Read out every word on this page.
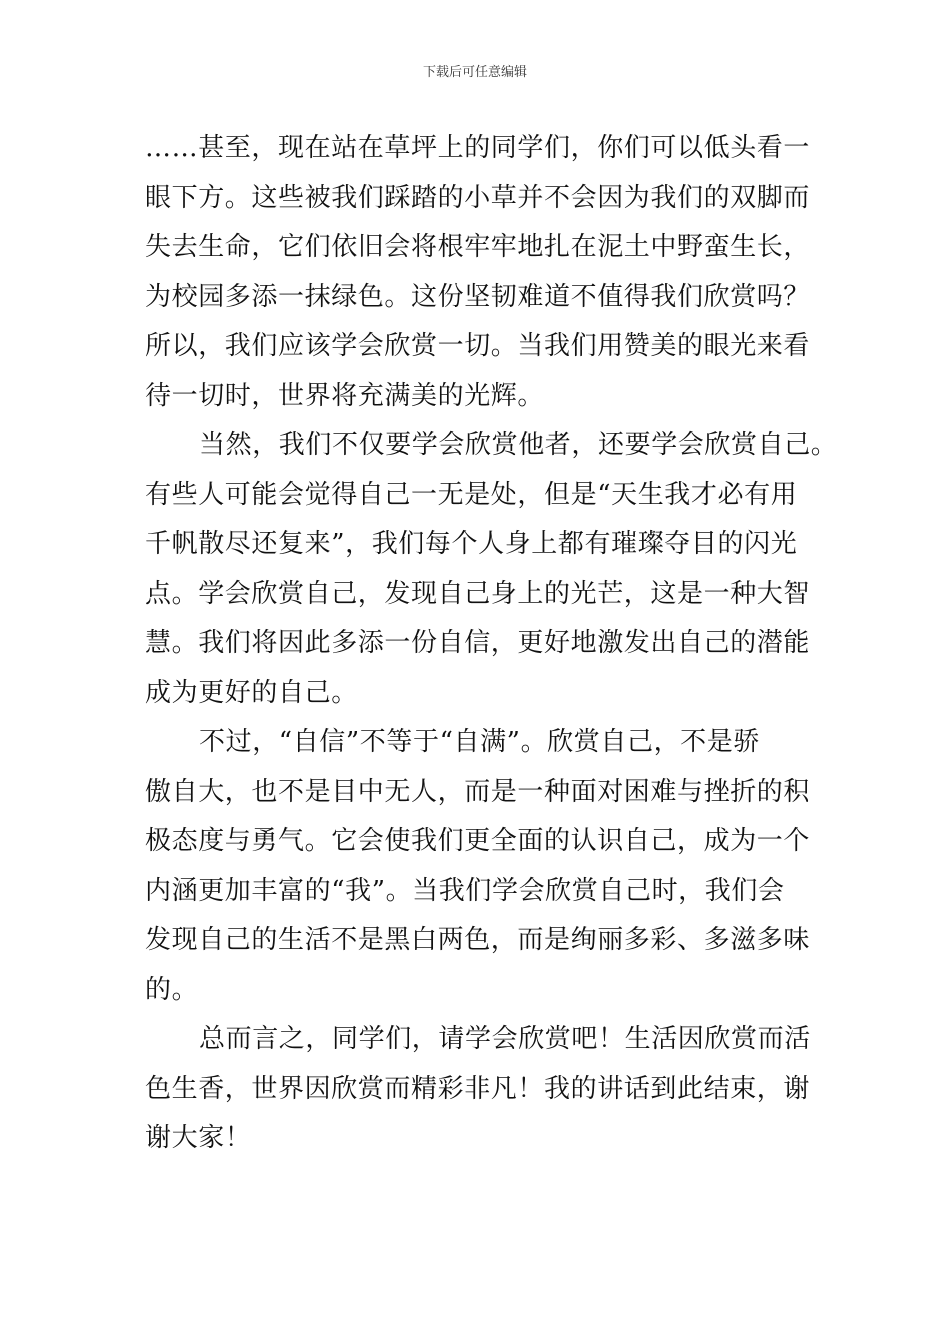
下载后可任意编辑

……甚至，现在站在草坪上的同学们，你们可以低头看一
眼下方。这些被我们踩踏的小草并不会因为我们的双脚而
失去生命，它们依旧会将根牢牢地扎在泥土中野蛮生长，
为校园多添一抹绿色。这份坚韧难道不值得我们欣赏吗？
所以，我们应该学会欣赏一切。当我们用赞美的眼光来看
待一切时，世界将充满美的光辉。

当然，我们不仅要学会欣赏他者，还要学会欣赏自己。
有些人可能会觉得自己一无是处，但是“天生我才必有用
千帆散尽还复来”，我们每个人身上都有璀璨夺目的闪光
点。学会欣赏自己，发现自己身上的光芒，这是一种大智
慧。我们将因此多添一份自信，更好地激发出自己的潜能
成为更好的自己。

不过，“自信”不等于“自满”。欣赏自己，不是骄
傲自大，也不是目中无人，而是一种面对困难与挫折的积
极态度与勇气。它会使我们更全面的认识自己，成为一个
内涵更加丰富的“我”。当我们学会欣赏自己时，我们会
发现自己的生活不是黑白两色，而是绚丽多彩、多滋多味
的。

总而言之，同学们，请学会欣赏吧！生活因欣赏而活
色生香，世界因欣赏而精彩非凡！我的讲话到此结束，谢
谢大家！
